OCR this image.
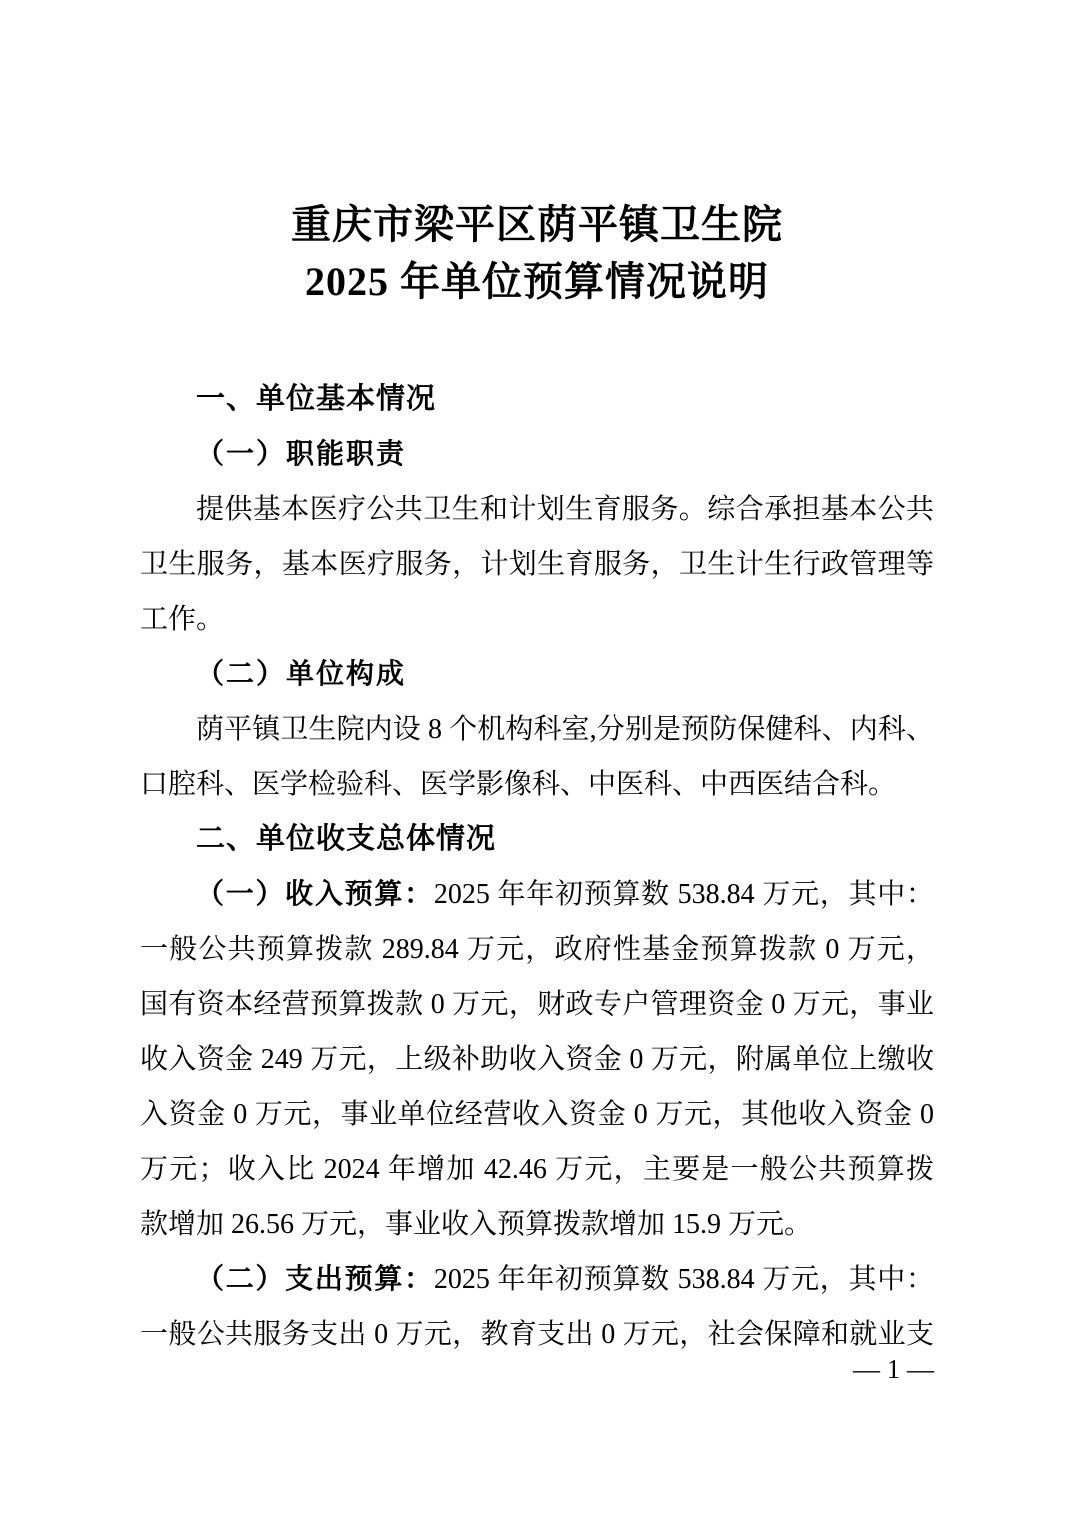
重庆市梁平区荫平镇卫生院
2025 年单位预算情况说明
一、单位基本情况
（一）职能职责
提供基本医疗公共卫生和计划生育服务。综合承担基本公共
卫生服务，基本医疗服务，计划生育服务，卫生计生行政管理等
工作。
（二）单位构成
荫平镇卫生院内设 8 个机构科室,分别是预防保健科、内科、
口腔科、医学检验科、医学影像科、中医科、中西医结合科。
二、单位收支总体情况
（一）收入预算：2025 年年初预算数 538.84 万元，其中：
一般公共预算拨款 289.84 万元，政府性基金预算拨款 0 万元，
国有资本经营预算拨款 0 万元，财政专户管理资金 0 万元，事业
收入资金 249 万元，上级补助收入资金 0 万元，附属单位上缴收
入资金 0 万元，事业单位经营收入资金 0 万元，其他收入资金 0
万元；收入比 2024 年增加 42.46 万元，主要是一般公共预算拨
款增加 26.56 万元，事业收入预算拨款增加 15.9 万元。
（二）支出预算：2025 年年初预算数 538.84 万元，其中：
一般公共服务支出 0 万元，教育支出 0 万元，社会保障和就业支
— 1 —
